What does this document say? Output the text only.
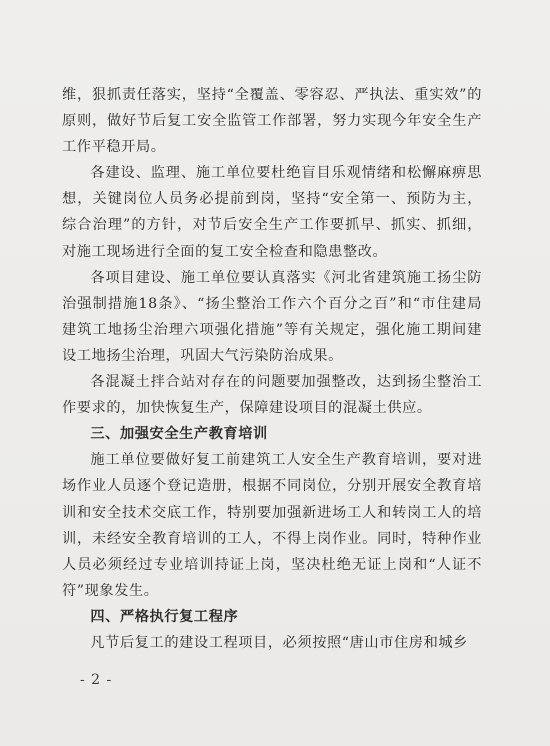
维，狠抓责任落实，坚持“全覆盖、零容忍、严执法、重实效”的原则，做好节后复工安全监管工作部署，努力实现今年安全生产工作平稳开局。

各建设、监理、施工单位要杜绝盲目乐观情绪和松懈麻痹思想，关键岗位人员务必提前到岗，坚持“安全第一、预防为主，综合治理”的方针，对节后安全生产工作要抓早、抓实、抓细，对施工现场进行全面的复工安全检查和隐患整改。

各项目建设、施工单位要认真落实《河北省建筑施工扬尘防治强制措施18条》、“扬尘整治工作六个百分之百”和“市住建局建筑工地扬尘治理六项强化措施”等有关规定，强化施工期间建设工地扬尘治理，巩固大气污染防治成果。

各混凝土拌合站对存在的问题要加强整改，达到扬尘整治工作要求的，加快恢复生产，保障建设项目的混凝土供应。

三、加强安全生产教育培训

施工单位要做好复工前建筑工人安全生产教育培训，要对进场作业人员逐个登记造册，根据不同岗位，分别开展安全教育培训和安全技术交底工作，特别要加强新进场工人和转岗工人的培训，未经安全教育培训的工人，不得上岗作业。同时，特种作业人员必须经过专业培训持证上岗，坚决杜绝无证上岗和“人证不符”现象发生。

四、严格执行复工程序

凡节后复工的建设工程项目，必须按照“唐山市住房和城乡

- 2 -
